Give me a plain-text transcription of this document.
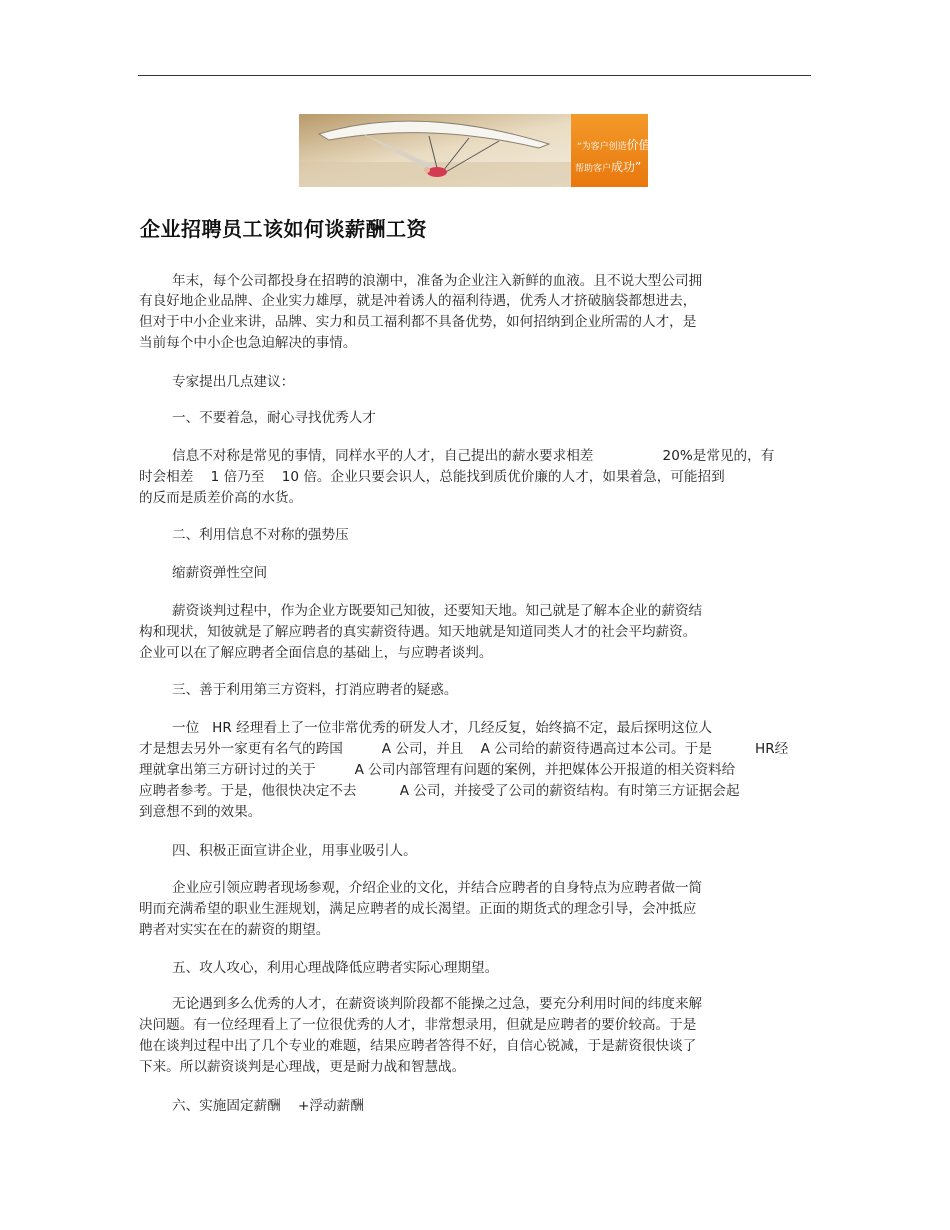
“为客户创造价值
帮助客户成功”
企业招聘员工该如何谈薪酬工资
年末，每个公司都投身在招聘的浪潮中，准备为企业注入新鲜的血液。且不说大型公司拥
有良好地企业品牌、企业实力雄厚，就是冲着诱人的福利待遇，优秀人才挤破脑袋都想进去，
但对于中小企业来讲，品牌、实力和员工福利都不具备优势，如何招纳到企业所需的人才，是
当前每个中小企也急迫解决的事情。
专家提出几点建议：
一、不要着急，耐心寻找优秀人才
信息不对称是常见的事情，同样水平的人才，自己提出的薪水要求相差                20%是常见的，有
时会相差    1 倍乃至    10 倍。企业只要会识人，总能找到质优价廉的人才，如果着急，可能招到
的反而是质差价高的水货。
二、利用信息不对称的强势压
缩薪资弹性空间
薪资谈判过程中，作为企业方既要知己知彼，还要知天地。知己就是了解本企业的薪资结
构和现状，知彼就是了解应聘者的真实薪资待遇。知天地就是知道同类人才的社会平均薪资。
企业可以在了解应聘者全面信息的基础上，与应聘者谈判。
三、善于利用第三方资料，打消应聘者的疑惑。
一位   HR 经理看上了一位非常优秀的研发人才，几经反复，始终搞不定，最后探明这位人
才是想去另外一家更有名气的跨国         A 公司，并且    A 公司给的薪资待遇高过本公司。于是          HR经
理就拿出第三方研讨过的关于         A 公司内部管理有问题的案例，并把媒体公开报道的相关资料给
应聘者参考。于是，他很快决定不去          A 公司，并接受了公司的薪资结构。有时第三方证据会起
到意想不到的效果。
四、积极正面宣讲企业，用事业吸引人。
企业应引领应聘者现场参观，介绍企业的文化，并结合应聘者的自身特点为应聘者做一简
明而充满希望的职业生涯规划，满足应聘者的成长渴望。正面的期货式的理念引导，会冲抵应
聘者对实实在在的薪资的期望。
五、攻人攻心，利用心理战降低应聘者实际心理期望。
无论遇到多么优秀的人才，在薪资谈判阶段都不能操之过急，要充分利用时间的纬度来解
决问题。有一位经理看上了一位很优秀的人才，非常想录用，但就是应聘者的要价较高。于是
他在谈判过程中出了几个专业的难题，结果应聘者答得不好，自信心锐减，于是薪资很快谈了
下来。所以薪资谈判是心理战，更是耐力战和智慧战。
六、实施固定薪酬    +浮动薪酬
